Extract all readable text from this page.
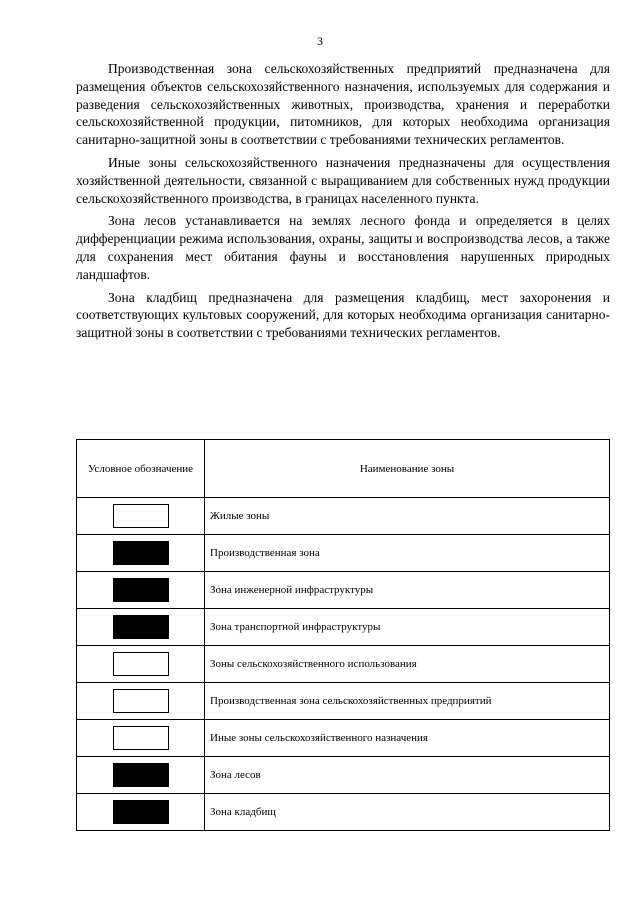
3

Производственная зона сельскохозяйственных предприятий предназначена для размещения объектов сельскохозяйственного назначения, используемых для содержания и разведения сельскохозяйственных животных, производства, хранения и переработки сельскохозяйственной продукции, питомников, для которых необходима организация санитарно-защитной зоны в соответствии с требованиями технических регламентов.

Иные зоны сельскохозяйственного назначения предназначены для осуществления хозяйственной деятельности, связанной с выращиванием для собственных нужд продукции сельскохозяйственного производства, в границах населенного пункта.

Зона лесов устанавливается на землях лесного фонда и определяется в целях дифференциации режима использования, охраны, защиты и воспроизводства лесов, а также для сохранения мест обитания фауны и восстановления нарушенных природных ландшафтов.

Зона кладбищ предназначена для размещения кладбищ, мест захоронения и соответствующих культовых сооружений, для которых необходима организация санитарно-защитной зоны в соответствии с требованиями технических регламентов.

Условное обозначение	Наименование зоны
	Жилые зоны
	Производственная зона
	Зона инженерной инфраструктуры
	Зона транспортной инфраструктуры
	Зоны сельскохозяйственного использования
	Производственная зона сельскохозяйственных предприятий
	Иные зоны сельскохозяйственного назначения
	Зона лесов
	Зона кладбищ
